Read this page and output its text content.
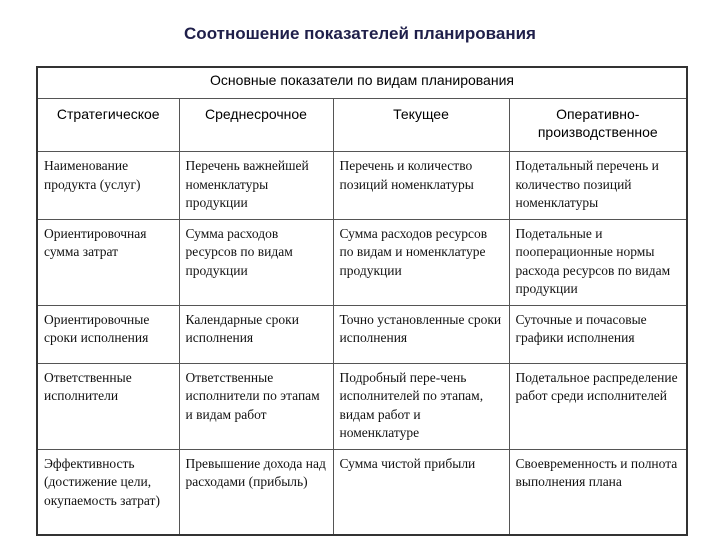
Соотношение показателей планирования
Основные показатели по видам планирования			
Стратегическое	Среднесрочное	Текущее	Оперативно-производственное
Наименование продукта (услуг)	Перечень важнейшей номенклатуры продукции	Перечень и количество позиций номенклатуры	Подетальный перечень и количество позиций номенклатуры
Ориентировочная сумма затрат	Сумма расходов ресурсов по видам продукции	Сумма расходов ресурсов по видам и номенклатуре продукции	Подетальные и пооперационные нормы расхода ресурсов по видам продукции
Ориентировочные сроки исполнения	Календарные сроки исполнения	Точно установленные сроки исполнения	Суточные и почасовые графики исполнения
Ответственные исполнители	Ответственные исполнители по этапам и видам работ	Подробный пере-чень исполнителей по этапам, видам работ и номенклатуре	Подетальное распределение работ среди исполнителей
Эффективность (достижение цели, окупаемость затрат)	Превышение дохода над расходами (прибыль)	Сумма чистой прибыли	Своевременность и полнота выполнения плана
